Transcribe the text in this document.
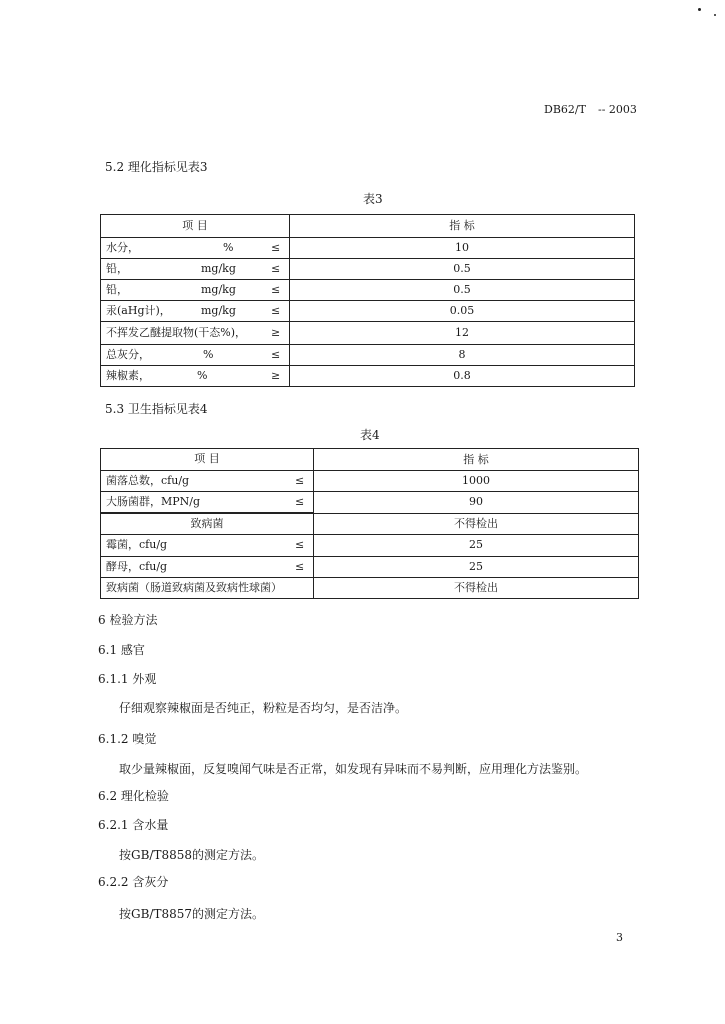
DB62/T -- 2003
5.2 理化指标见表3
表3
项 目	指 标
水分，	%	≤	10
铅，	mg/kg	≤	0.5
铅，	mg/kg	≤	0.5
汞(aHg计)，	mg/kg	≤	0.05
不挥发乙醚提取物(干态%)， ≥	12
总灰分，	%	≤	8
辣椒素，	%	≥	0.8
5.3 卫生指标见表4
表4
项 目	指 标
菌落总数，cfu/g	≤	1000
大肠菌群，MPN/g	≤	90
致病菌	不得检出
霉菌，cfu/g	≤	25
酵母，cfu/g	≤	25
致病菌（肠道致病菌及致病性球菌）	不得检出
6 检验方法
6.1 感官
6.1.1 外观
仔细观察辣椒面是否纯正，粉粒是否均匀，是否洁净。
6.1.2 嗅觉
取少量辣椒面，反复嗅闻气味是否正常，如发现有异味而不易判断，应用理化方法鉴别。
6.2 理化检验
6.2.1 含水量
按GB/T8858的测定方法。
6.2.2 含灰分
按GB/T8857的测定方法。
3
